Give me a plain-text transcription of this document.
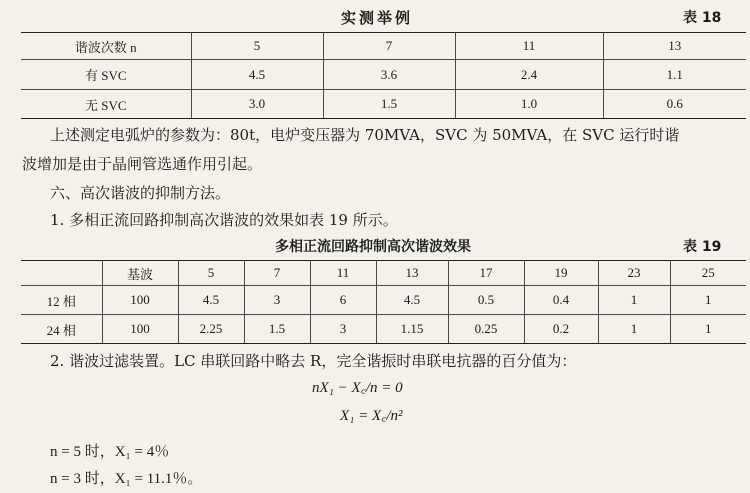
实测举例	表 18
谐波次数 n	5	7	11	13
有 SVC	4.5	3.6	2.4	1.1
无 SVC	3.0	1.5	1.0	0.6
上述测定电弧炉的参数为：80t，电炉变压器为 70MVA，SVC 为 50MVA，在 SVC 运行时谐
波增加是由于晶闸管选通作用引起。
六、高次谐波的抑制方法。
1. 多相正流回路抑制高次谐波的效果如表 19 所示。
多相正流回路抑制高次谐波效果	表 19
	基波	5	7	11	13	17	19	23	25
12 相	100	4.5	3	6	4.5	0.5	0.4	1	1
24 相	100	2.25	1.5	3	1.15	0.25	0.2	1	1
2. 谐波过滤装置。LC 串联回路中略去 R，完全谐振时串联电抗器的百分值为：
nX₁ − X꜀/n = 0
X₁ = X꜀/n²
n = 5 时，X₁ = 4％
n = 3 时，X₁ = 11.1％。
